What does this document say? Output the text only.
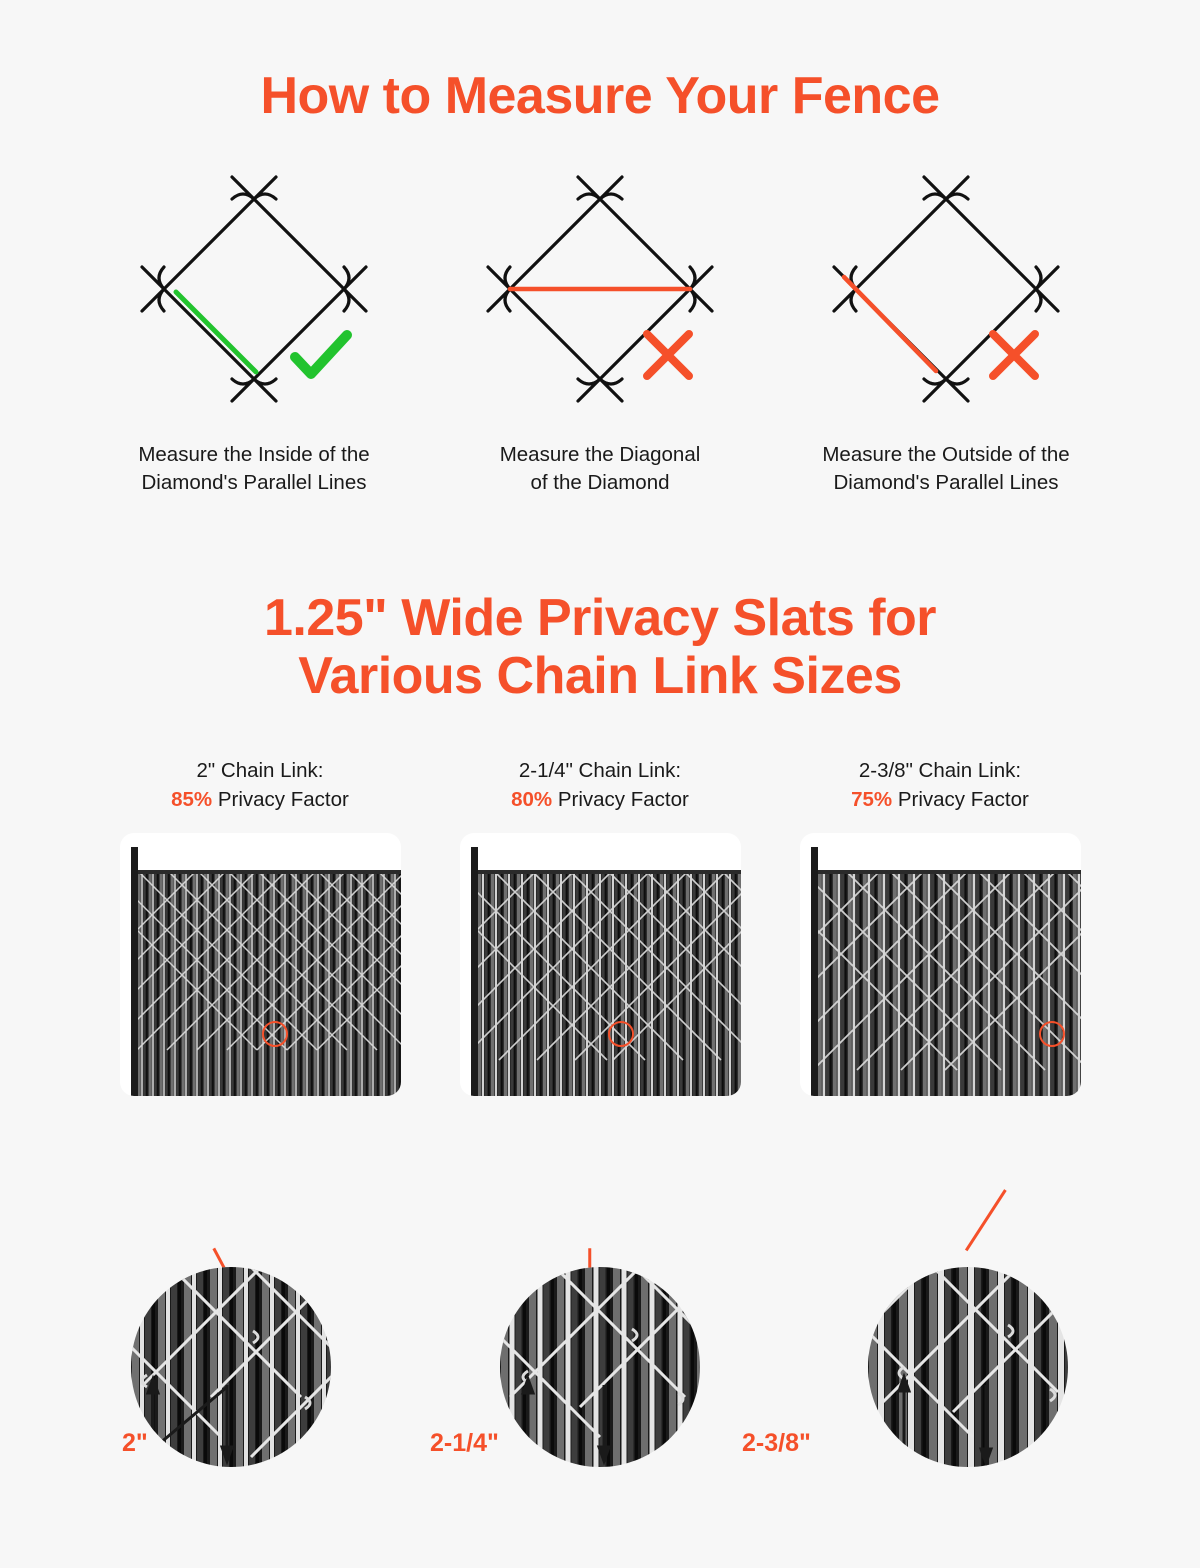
How to Measure Your Fence
Measure the Inside of the
Diamond's Parallel Lines
Measure the Diagonal
of the Diamond
Measure the Outside of the
Diamond's Parallel Lines
1.25" Wide Privacy Slats for
Various Chain Link Sizes
2" Chain Link:
85% Privacy Factor
2"
2-1/4" Chain Link:
80% Privacy Factor
2-1/4"
2-3/8" Chain Link:
75% Privacy Factor
2-3/8"
